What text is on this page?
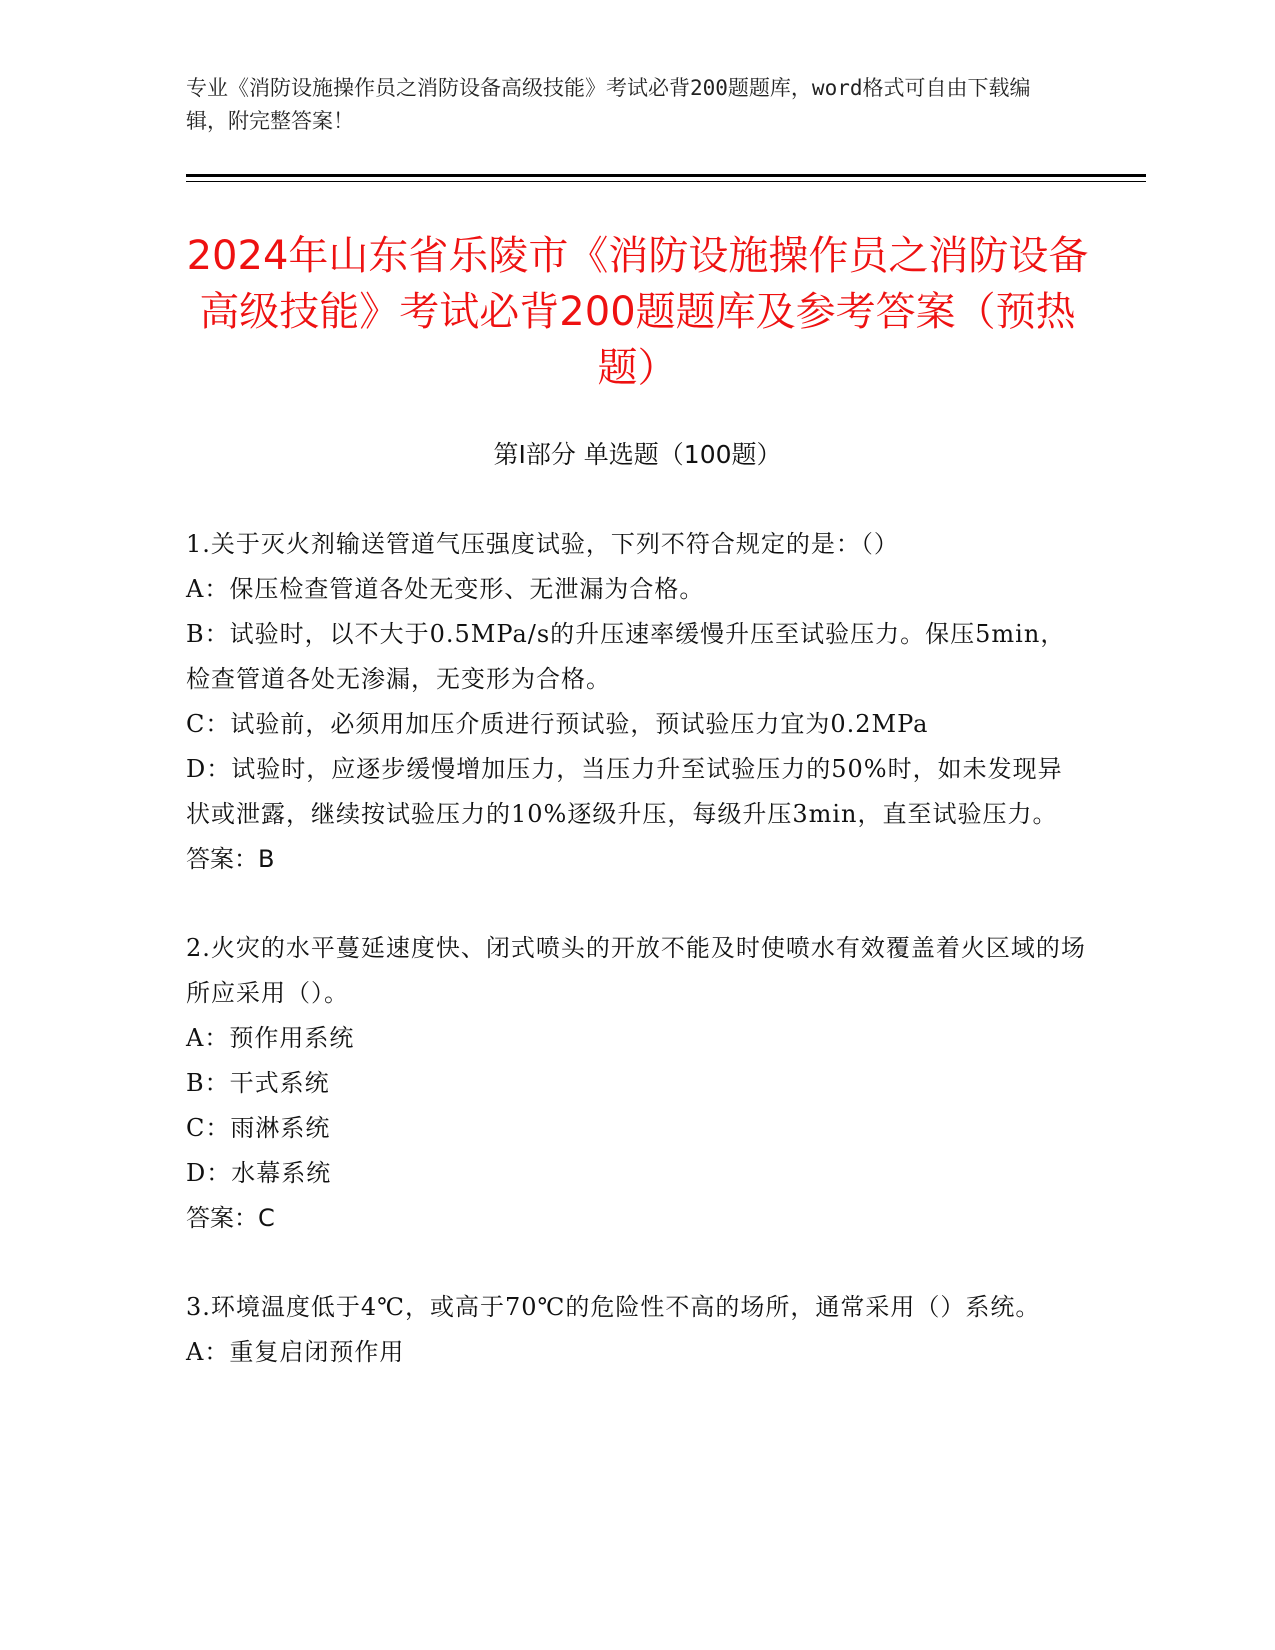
专业《消防设施操作员之消防设备高级技能》考试必背200题题库，word格式可自由下载编辑，附完整答案！
2024年山东省乐陵市《消防设施操作员之消防设备高级技能》考试必背200题题库及参考答案（预热题）
第I部分 单选题（100题）
1.关于灭火剂输送管道气压强度试验，下列不符合规定的是：（）
A：保压检查管道各处无变形、无泄漏为合格。
B：试验时，以不大于0.5MPa/s的升压速率缓慢升压至试验压力。保压5min，检查管道各处无渗漏，无变形为合格。
C：试验前，必须用加压介质进行预试验，预试验压力宜为0.2MPa
D：试验时，应逐步缓慢增加压力，当压力升至试验压力的50%时，如未发现异状或泄露，继续按试验压力的10%逐级升压，每级升压3min，直至试验压力。
答案：B
2.火灾的水平蔓延速度快、闭式喷头的开放不能及时使喷水有效覆盖着火区域的场所应采用（）。
A：预作用系统
B：干式系统
C：雨淋系统
D：水幕系统
答案：C
3.环境温度低于4℃，或高于70℃的危险性不高的场所，通常采用（）系统。
A：重复启闭预作用
